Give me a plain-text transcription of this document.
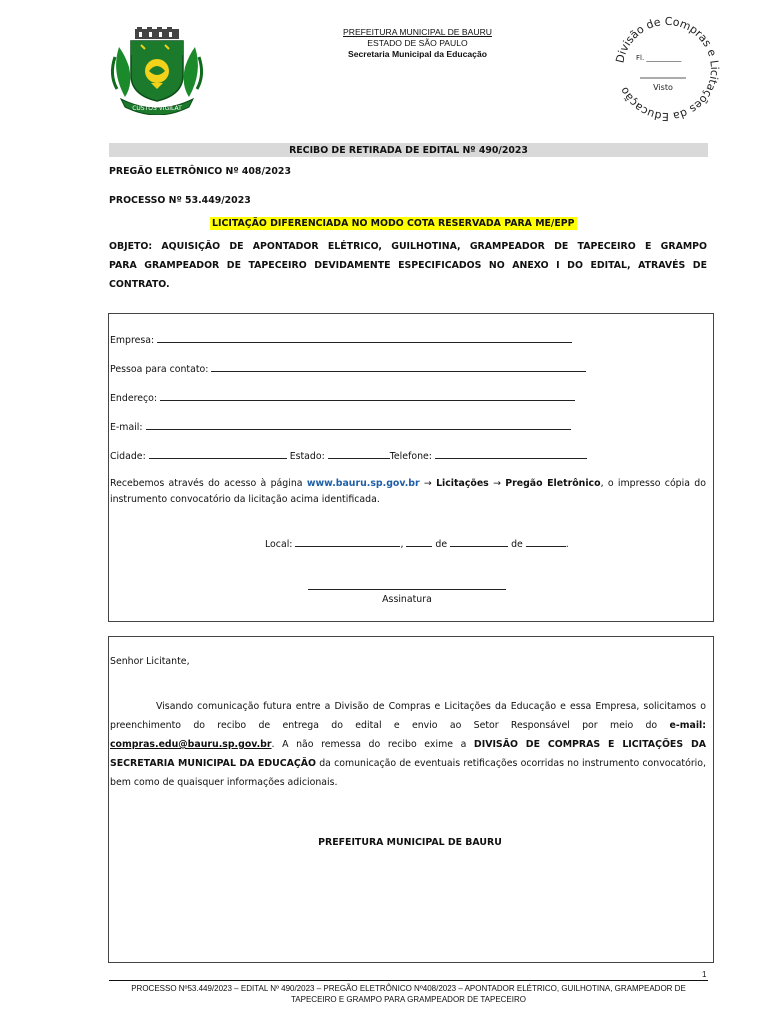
CUSTOS VIGILAT
PREFEITURA MUNICIPAL DE BAURU
ESTADO DE SÃO PAULO
Secretaria Municipal da Educação	Divisão de Compras e Licitações da Educação
Fl. __________
Visto
RECIBO DE RETIRADA DE EDITAL Nº 490/2023
PREGÃO ELETRÔNICO Nº 408/2023
PROCESSO Nº 53.449/2023
LICITAÇÃO DIFERENCIADA NO MODO COTA RESERVADA PARA ME/EPP
OBJETO: AQUISIÇÃO DE APONTADOR ELÉTRICO, GUILHOTINA, GRAMPEADOR DE TAPECEIRO E GRAMPO
PARA GRAMPEADOR DE TAPECEIRO DEVIDAMENTE ESPECIFICADOS NO ANEXO I DO EDITAL, ATRAVÉS DE
CONTRATO.
Empresa:
Pessoa para contato:
Endereço:
E-mail:
Cidade:	Estado:	Telefone:
Recebemos através do acesso à página www.bauru.sp.gov.br → Licitações → Pregão Eletrônico, o impresso cópia do instrumento convocatório da licitação acima identificada.
Local:	,	de	de	.
Assinatura
Senhor Licitante,
Visando comunicação futura entre a Divisão de Compras e Licitações da Educação e essa Empresa, solicitamos o preenchimento do recibo de entrega do edital e envio ao Setor Responsável por meio do e-mail: compras.edu@bauru.sp.gov.br. A não remessa do recibo exime a DIVISÃO DE COMPRAS E LICITAÇÕES DA SECRETARIA MUNICIPAL DA EDUCAÇÃO da comunicação de eventuais retificações ocorridas no instrumento convocatório, bem como de quaisquer informações adicionais.
PREFEITURA MUNICIPAL DE BAURU
1
PROCESSO Nº53.449/2023 – EDITAL Nº 490/2023 – PREGÃO ELETRÔNICO Nº408/2023 – APONTADOR ELÉTRICO, GUILHOTINA, GRAMPEADOR DE
TAPECEIRO E GRAMPO PARA GRAMPEADOR DE TAPECEIRO
